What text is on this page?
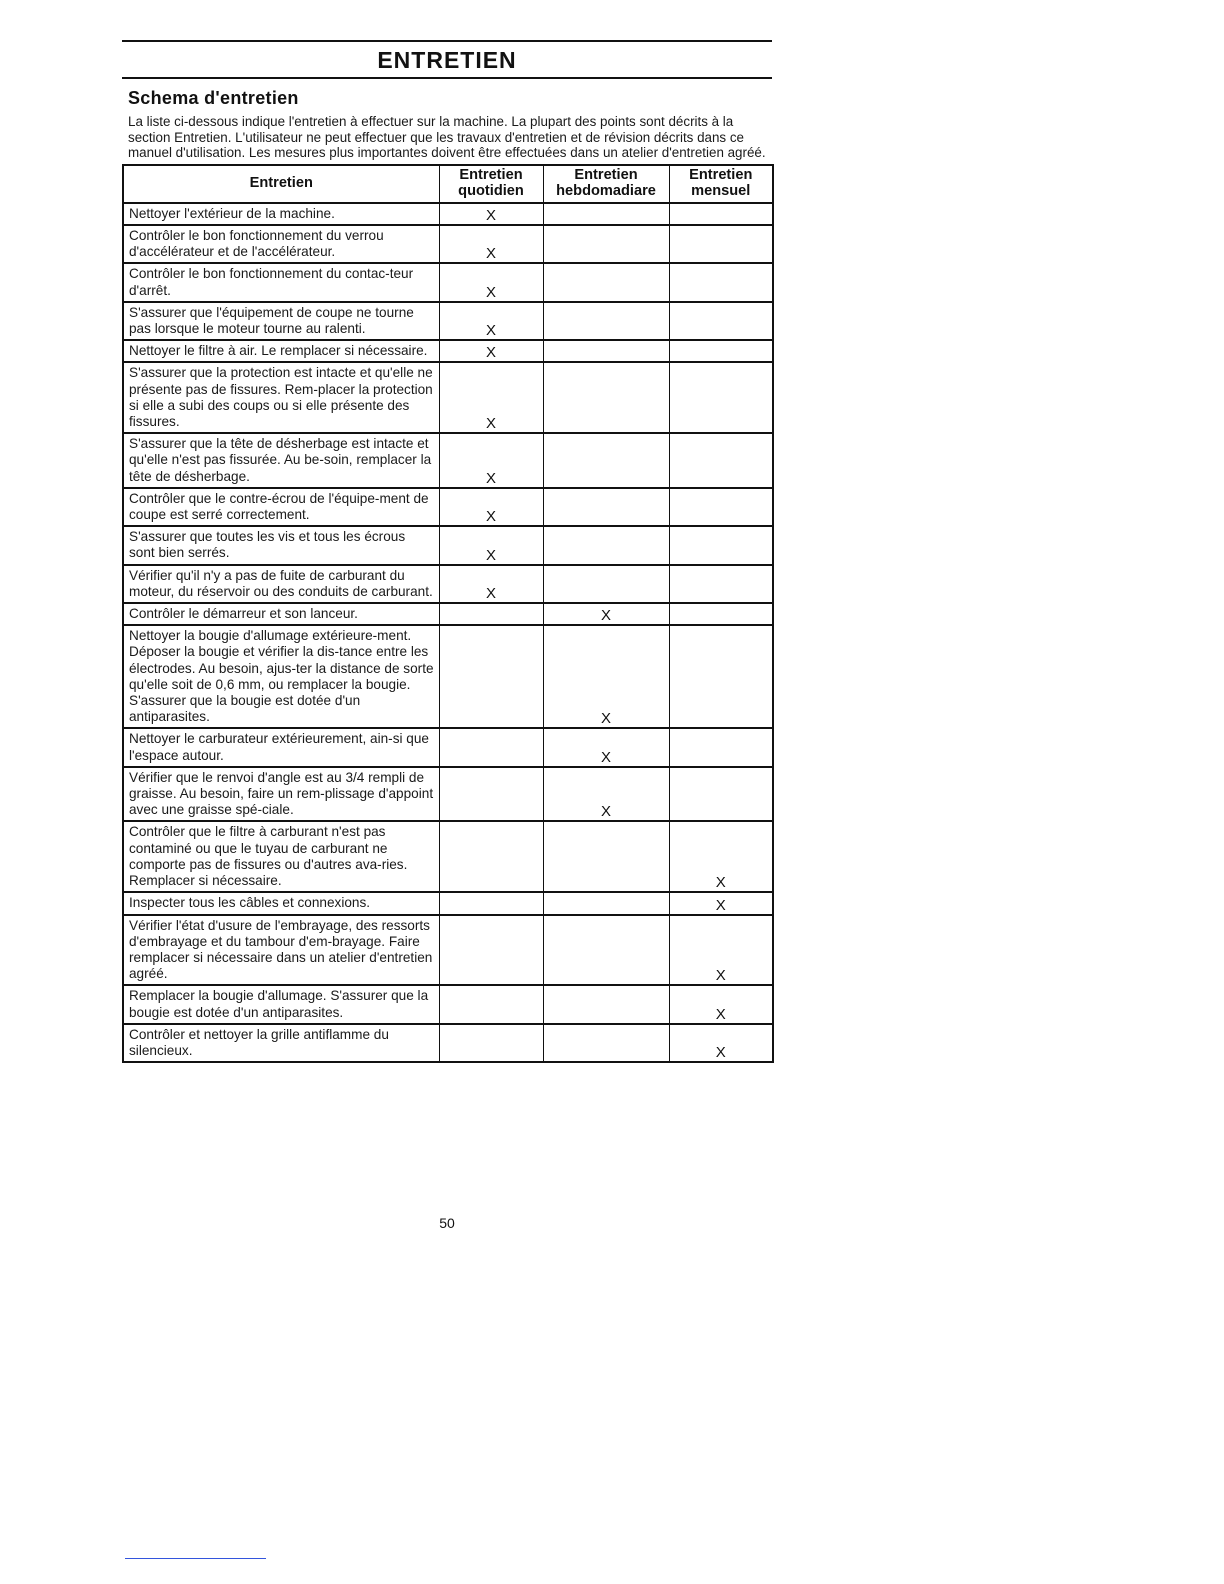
ENTRETIEN
Schema d'entretien
La liste ci-dessous indique l'entretien à effectuer sur la machine. La plupart des points sont décrits à la section Entretien. L'utilisateur ne peut effectuer que les travaux d'entretien et de révision décrits dans ce manuel d'utilisation. Les mesures plus importantes doivent être effectuées dans un atelier d'entretien agréé.
Entretien	Entretien quotidien	Entretien hebdomadiare	Entretien mensuel
Nettoyer l'extérieur de la machine.	X		
Contrôler le bon fonctionnement du verrou d'accélérateur et de l'accélérateur.	X		
Contrôler le bon fonctionnement du contac-teur d'arrêt.	X		
S'assurer que l'équipement de coupe ne tourne pas lorsque le moteur tourne au ralenti.	X		
Nettoyer le filtre à air. Le remplacer si nécessaire.	X		
S'assurer que la protection est intacte et qu'elle ne présente pas de fissures. Rem-placer la protection si elle a subi des coups ou si elle présente des fissures.	X		
S'assurer que la tête de désherbage est intacte et qu'elle n'est pas fissurée. Au be-soin, remplacer la tête de désherbage.	X		
Contrôler que le contre-écrou de l'équipe-ment de coupe est serré correctement.	X		
S'assurer que toutes les vis et tous les écrous sont bien serrés.	X		
Vérifier qu'il n'y a pas de fuite de carburant du moteur, du réservoir ou des conduits de carburant.	X		
Contrôler le démarreur et son lanceur.		X	
Nettoyer la bougie d'allumage extérieure-ment. Déposer la bougie et vérifier la dis-tance entre les électrodes. Au besoin, ajus-ter la distance de sorte qu'elle soit de 0,6 mm, ou remplacer la bougie. S'assurer que la bougie est dotée d'un antiparasites.		X	
Nettoyer le carburateur extérieurement, ain-si que l'espace autour.		X	
Vérifier que le renvoi d'angle est au 3/4 rempli de graisse. Au besoin, faire un rem-plissage d'appoint avec une graisse spé-ciale.		X	
Contrôler que le filtre à carburant n'est pas contaminé ou que le tuyau de carburant ne comporte pas de fissures ou d'autres ava-ries. Remplacer si nécessaire.			X
Inspecter tous les câbles et connexions.			X
Vérifier l'état d'usure de l'embrayage, des ressorts d'embrayage et du tambour d'em-brayage. Faire remplacer si nécessaire dans un atelier d'entretien agréé.			X
Remplacer la bougie d'allumage. S'assurer que la bougie est dotée d'un antiparasites.			X
Contrôler et nettoyer la grille antiflamme du silencieux.			X
50
